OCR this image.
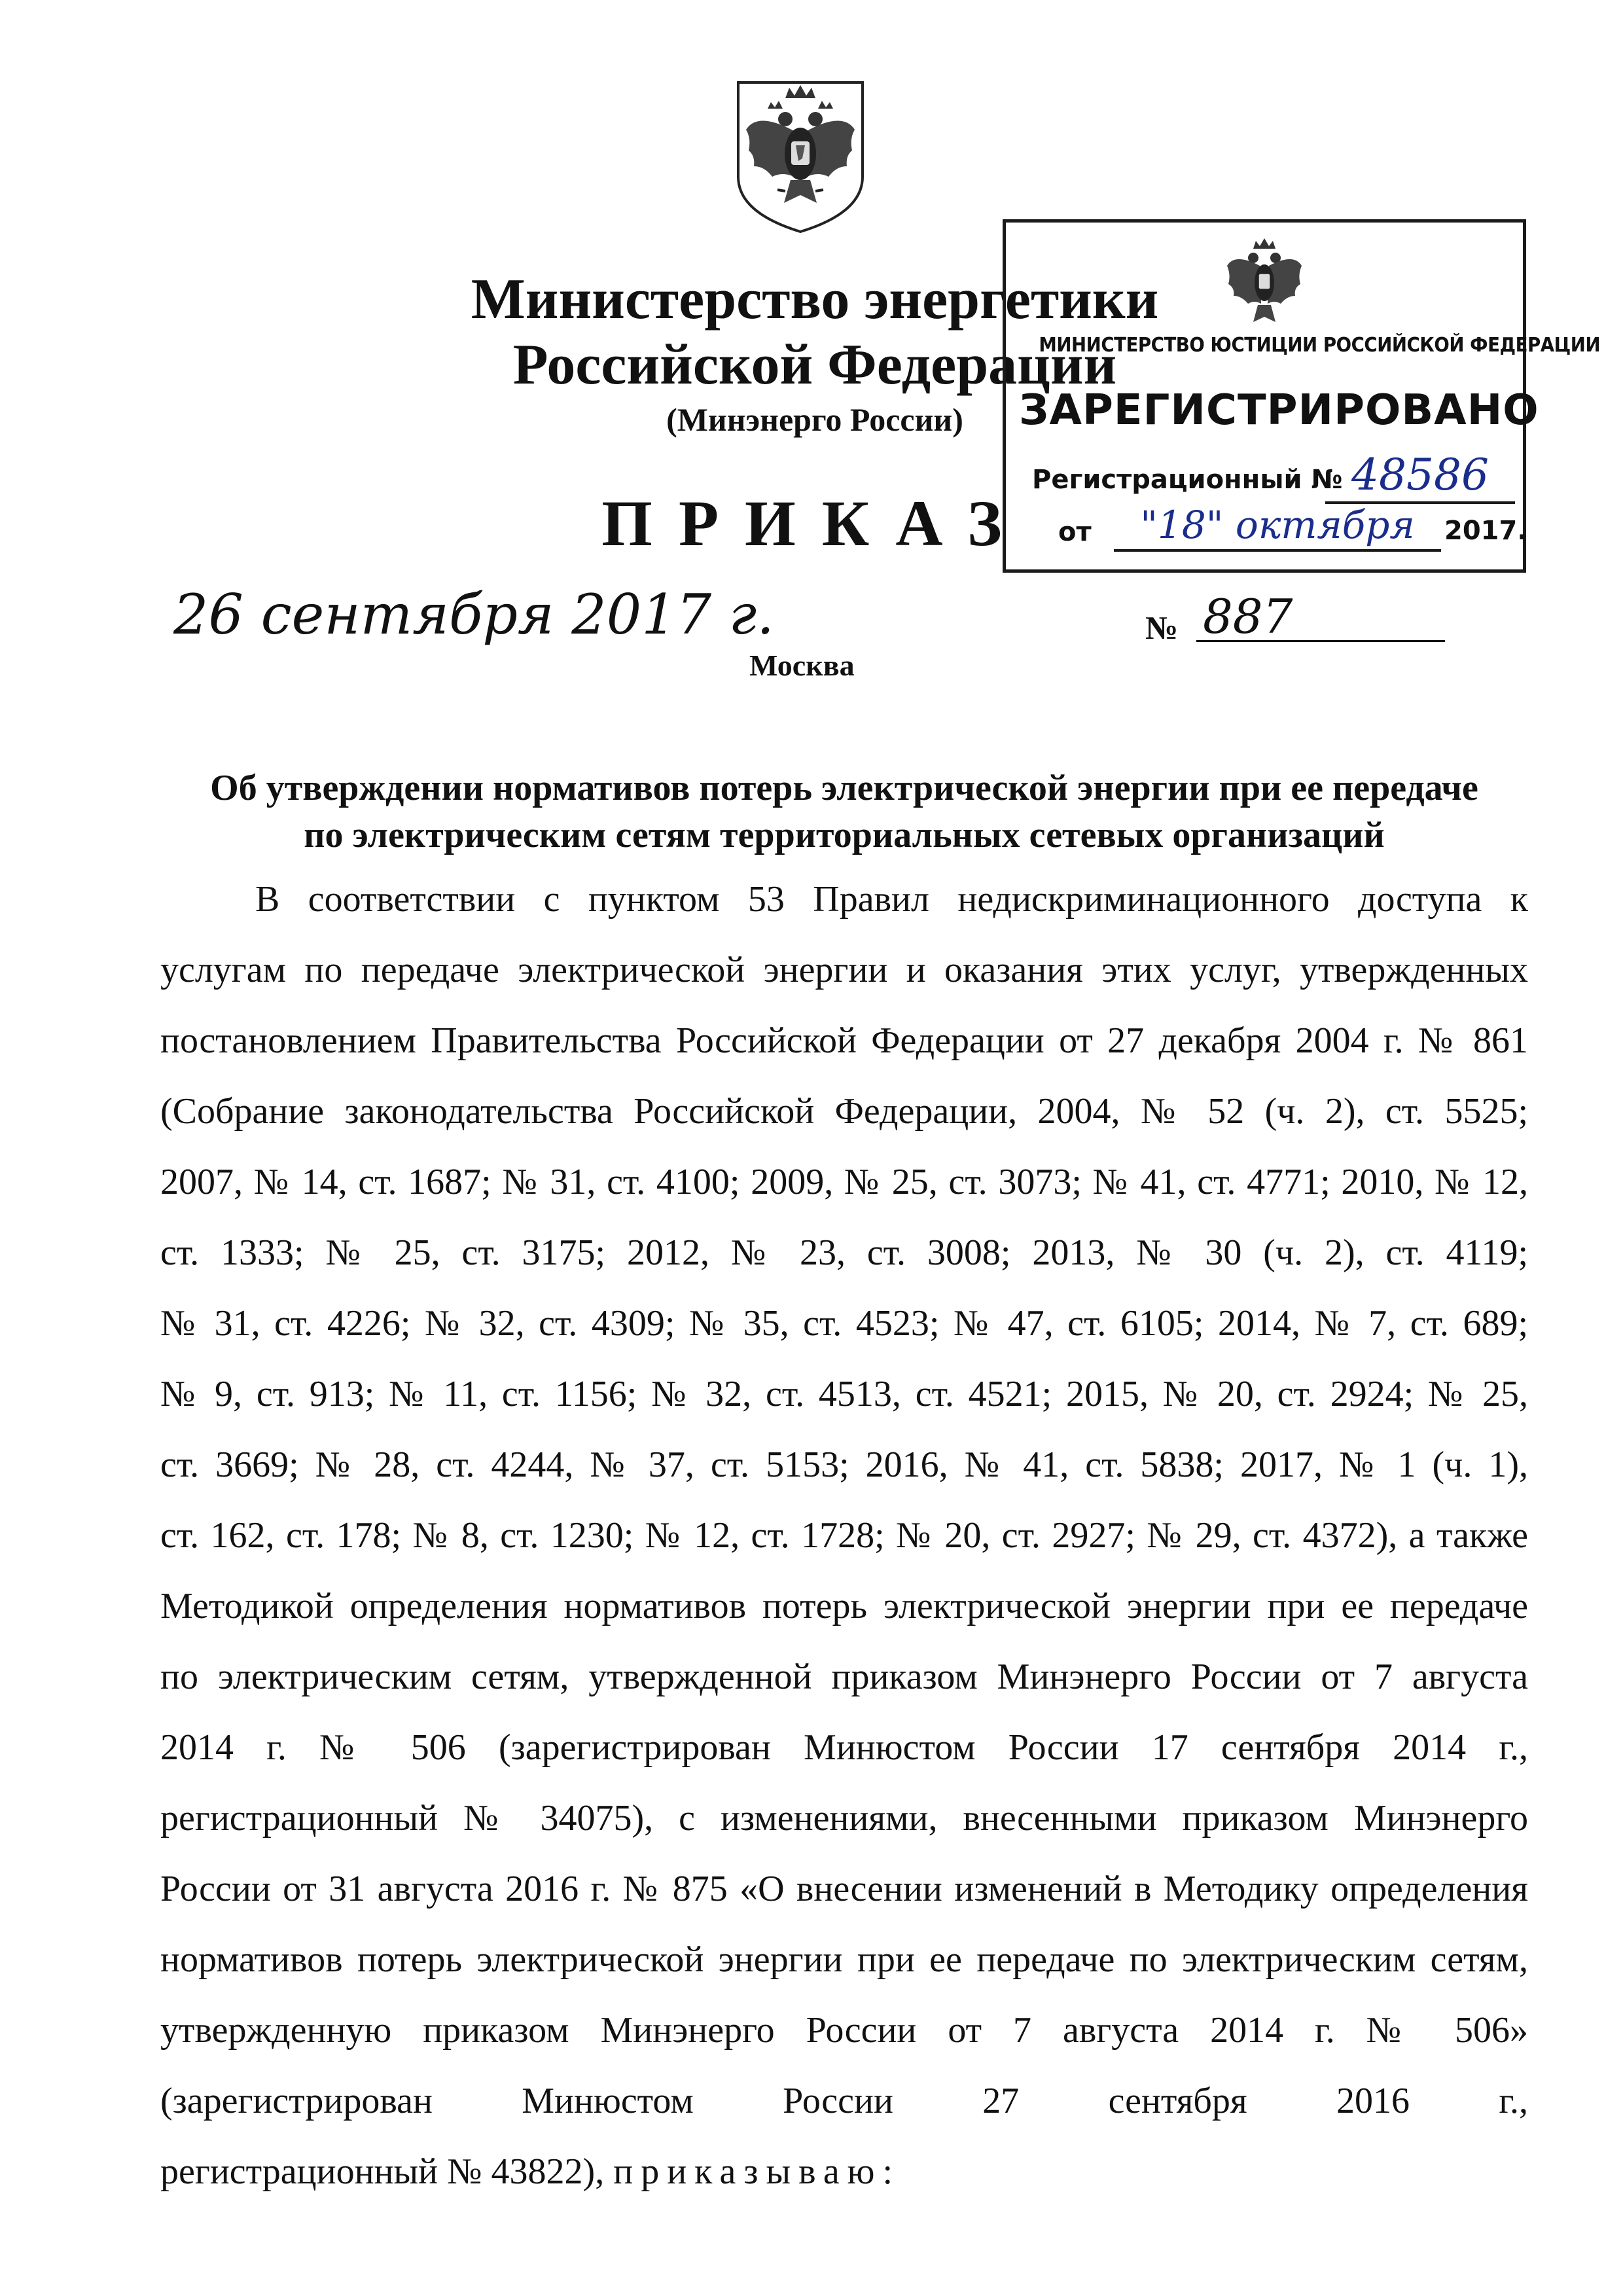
Министерство энергетики
Российской Федерации
(Минэнерго России)
ПРИКАЗ
МИНИСТЕРСТВО ЮСТИЦИИ РОССИЙСКОЙ ФЕДЕРАЦИИ
ЗАРЕГИСТРИРОВАНО
Регистрационный № 48586
от	"18" октября	2017.
26 сентября 2017 г.	№ 887
Москва
Об утверждении нормативов потерь электрической энергии при ее передаче
по электрическим сетям территориальных сетевых организаций
В соответствии с пунктом 53 Правил недискриминационного доступа к
услугам по передаче электрической энергии и оказания этих услуг, утвержденных
постановлением Правительства Российской Федерации от 27 декабря 2004 г. № 861
(Собрание законодательства Российской Федерации, 2004, № 52 (ч. 2), ст. 5525;
2007, № 14, ст. 1687; № 31, ст. 4100; 2009, № 25, ст. 3073; № 41, ст. 4771; 2010, № 12,
ст. 1333; № 25, ст. 3175; 2012, № 23, ст. 3008; 2013, № 30 (ч. 2), ст. 4119;
№ 31, ст. 4226; № 32, ст. 4309; № 35, ст. 4523; № 47, ст. 6105; 2014, № 7, ст. 689;
№ 9, ст. 913; № 11, ст. 1156; № 32, ст. 4513, ст. 4521; 2015, № 20, ст. 2924; № 25,
ст. 3669; № 28, ст. 4244, № 37, ст. 5153; 2016, № 41, ст. 5838; 2017, № 1 (ч. 1),
ст. 162, ст. 178; № 8, ст. 1230; № 12, ст. 1728; № 20, ст. 2927; № 29, ст. 4372), а также
Методикой определения нормативов потерь электрической энергии при ее передаче
по электрическим сетям, утвержденной приказом Минэнерго России от 7 августа
2014 г. № 506 (зарегистрирован Минюстом России 17 сентября 2014 г.,
регистрационный № 34075), с изменениями, внесенными приказом Минэнерго
России от 31 августа 2016 г. № 875 «О внесении изменений в Методику определения
нормативов потерь электрической энергии при ее передаче по электрическим сетям,
утвержденную приказом Минэнерго России от 7 августа 2014 г. № 506»
(зарегистрирован Минюстом России 27 сентября 2016 г.,
регистрационный № 43822), приказываю:
